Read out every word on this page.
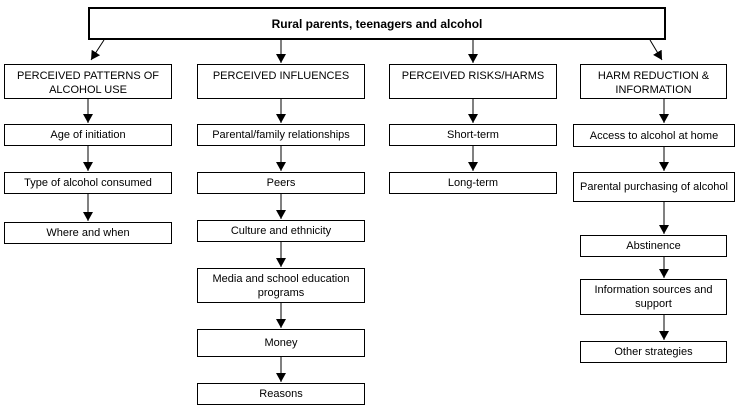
Rural parents, teenagers and alcohol
PERCEIVED PATTERNS OF ALCOHOL USE
Age of initiation
Type of alcohol consumed
Where and when
PERCEIVED INFLUENCES
Parental/family relationships
Peers
Culture and ethnicity
Media and school education programs
Money
Reasons
PERCEIVED RISKS/HARMS
Short-term
Long-term
HARM REDUCTION & INFORMATION
Access to alcohol at home
Parental purchasing of alcohol
Abstinence
Information sources and support
Other strategies
